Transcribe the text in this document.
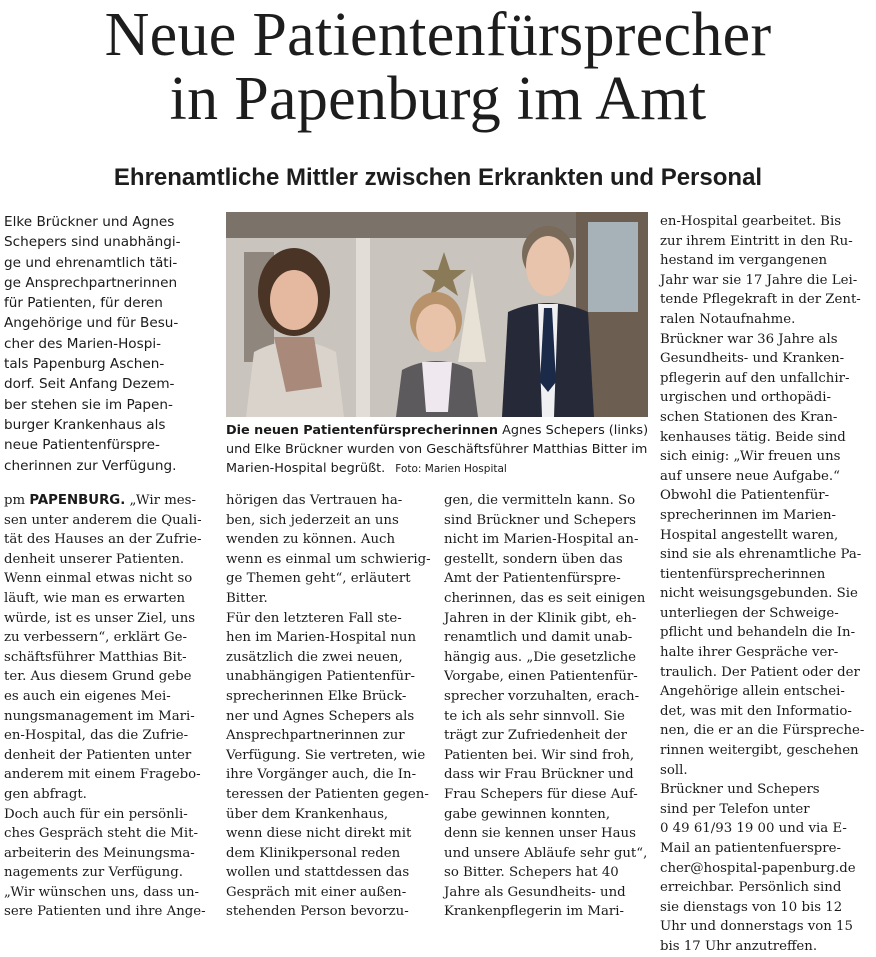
Neue Patientenfürsprecher
in Papenburg im Amt
Ehrenamtliche Mittler zwischen Erkrankten und Personal
Elke Brückner und Agnes
Schepers sind unabhängi-
ge und ehrenamtlich täti-
ge Ansprechpartnerinnen
für Patienten, für deren
Angehörige und für Besu-
cher des Marien-Hospi-
tals Papenburg Aschen-
dorf. Seit Anfang Dezem-
ber stehen sie im Papen-
burger Krankenhaus als
neue Patientenfürspre-
cherinnen zur Verfügung.
Die neuen Patientenfürsprecherinnen Agnes Schepers (links) und Elke Brückner wurden von Geschäftsführer Matthias Bitter im Marien-Hospital begrüßt. Foto: Marien Hospital
pm PAPENBURG. „Wir mes-
sen unter anderem die Quali-
tät des Hauses an der Zufrie-
denheit unserer Patienten.
Wenn einmal etwas nicht so
läuft, wie man es erwarten
würde, ist es unser Ziel, uns
zu verbessern“, erklärt Ge-
schäftsführer Matthias Bit-
ter. Aus diesem Grund gebe
es auch ein eigenes Mei-
nungsmanagement im Mari-
en-Hospital, das die Zufrie-
denheit der Patienten unter
anderem mit einem Fragebo-
gen abfragt.
Doch auch für ein persönli-
ches Gespräch steht die Mit-
arbeiterin des Meinungsma-
nagements zur Verfügung.
„Wir wünschen uns, dass un-
sere Patienten und ihre Ange-
hörigen das Vertrauen ha-
ben, sich jederzeit an uns
wenden zu können. Auch
wenn es einmal um schwierig-
ge Themen geht“, erläutert
Bitter.
Für den letzteren Fall ste-
hen im Marien-Hospital nun
zusätzlich die zwei neuen,
unabhängigen Patientenfür-
sprecherinnen Elke Brück-
ner und Agnes Schepers als
Ansprechpartnerinnen zur
Verfügung. Sie vertreten, wie
ihre Vorgänger auch, die In-
teressen der Patienten gegen-
über dem Krankenhaus,
wenn diese nicht direkt mit
dem Klinikpersonal reden
wollen und stattdessen das
Gespräch mit einer außen-
stehenden Person bevorzu-
gen, die vermitteln kann. So
sind Brückner und Schepers
nicht im Marien-Hospital an-
gestellt, sondern üben das
Amt der Patientenfürspre-
cherinnen, das es seit einigen
Jahren in der Klinik gibt, eh-
renamtlich und damit unab-
hängig aus. „Die gesetzliche
Vorgabe, einen Patientenfür-
sprecher vorzuhalten, erach-
te ich als sehr sinnvoll. Sie
trägt zur Zufriedenheit der
Patienten bei. Wir sind froh,
dass wir Frau Brückner und
Frau Schepers für diese Auf-
gabe gewinnen konnten,
denn sie kennen unser Haus
und unsere Abläufe sehr gut“,
so Bitter. Schepers hat 40
Jahre als Gesundheits- und
Krankenpflegerin im Mari-
en-Hospital gearbeitet. Bis
zur ihrem Eintritt in den Ru-
hestand im vergangenen
Jahr war sie 17 Jahre die Lei-
tende Pflegekraft in der Zent-
ralen Notaufnahme.
Brückner war 36 Jahre als
Gesundheits- und Kranken-
pflegerin auf den unfallchir-
urgischen und orthopädi-
schen Stationen des Kran-
kenhauses tätig. Beide sind
sich einig: „Wir freuen uns
auf unsere neue Aufgabe.“
Obwohl die Patientenfür-
sprecherinnen im Marien-
Hospital angestellt waren,
sind sie als ehrenamtliche Pa-
tientenfürsprecherinnen
nicht weisungsgebunden. Sie
unterliegen der Schweige-
pflicht und behandeln die In-
halte ihrer Gespräche ver-
traulich. Der Patient oder der
Angehörige allein entschei-
det, was mit den Informatio-
nen, die er an die Fürspreche-
rinnen weitergibt, geschehen
soll.
Brückner und Schepers
sind per Telefon unter
0 49 61/93 19 00 und via E-
Mail an patientenfuerspre-
cher@hospital-papenburg.de
erreichbar. Persönlich sind
sie dienstags von 10 bis 12
Uhr und donnerstags von 15
bis 17 Uhr anzutreffen.
